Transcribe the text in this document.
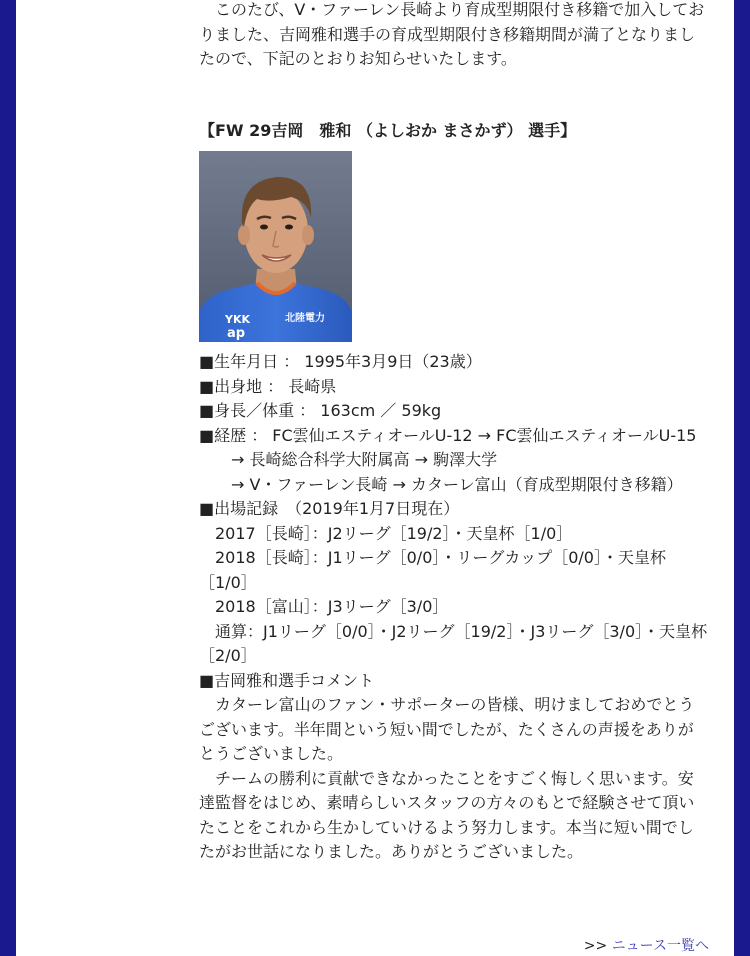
　このたび、V・ファーレン長崎より育成型期限付き移籍で加入しておりました、吉岡雅和選手の育成型期限付き移籍期間が満了となりましたので、下記のとおりお知らせいたします。

【FW 29吉岡　雅和 （よしおか まさかず） 選手】
YKK
ap
北陸電力
■生年月日 ： 1995年3月9日（23歳）
■出身地 ： 長崎県
■身長／体重 ： 163cm ／ 59kg
■経歴 ： FC雲仙エスティオールU-12 → FC雲仙エスティオールU-15
　　→ 長崎総合科学大附属高 → 駒澤大学
　　→ V・ファーレン長崎 → カターレ富山（育成型期限付き移籍）
■出場記録　（2019年1月7日現在）
　2017［長崎］：J2リーグ［19/2］・天皇杯［1/0］
　2018［長崎］：J1リーグ［0/0］・リーグカップ［0/0］・天皇杯［1/0］
　2018［富山］：J3リーグ［3/0］
　通算：J1リーグ［0/0］・J2リーグ［19/2］・J3リーグ［3/0］・天皇杯［2/0］
■吉岡雅和選手コメント
　カターレ富山のファン・サポーターの皆様、明けましておめでとうございます。半年間という短い間でしたが、たくさんの声援をありがとうございました。
　チームの勝利に貢献できなかったことをすごく悔しく思います。安達監督をはじめ、素晴らしいスタッフの方々のもとで経験させて頂いたことをこれから生かしていけるよう努力します。本当に短い間でしたがお世話になりました。ありがとうございました。
>> ニュース一覧へ
